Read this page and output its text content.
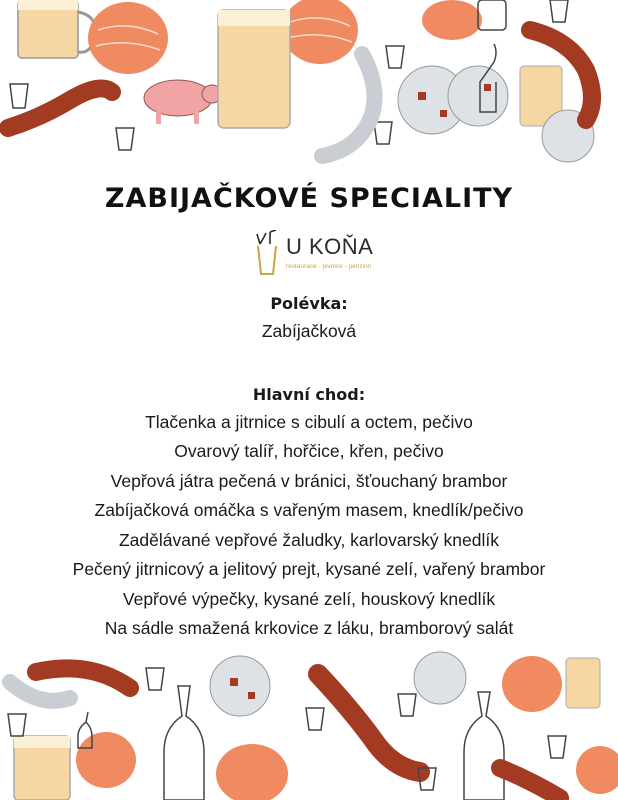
ZABIJAČKOVÉ SPECIALITY
U KOŇA
restaurace - pivnice - penzion
Polévka:
Zabíjačková
Hlavní chod:
Tlačenka a jitrnice s cibulí a octem, pečivo
Ovarový talíř, hořčice, křen, pečivo
Vepřová játra pečená v bránici, šťouchaný brambor
Zabíjačková omáčka s vařeným masem, knedlík/pečivo
Zadělávané vepřové žaludky, karlovarský knedlík
Pečený jitrnicový a jelitový prejt, kysané zelí, vařený brambor
Vepřové výpečky, kysané zelí, houskový knedlík
Na sádle smažená krkovice z láku, bramborový salát
